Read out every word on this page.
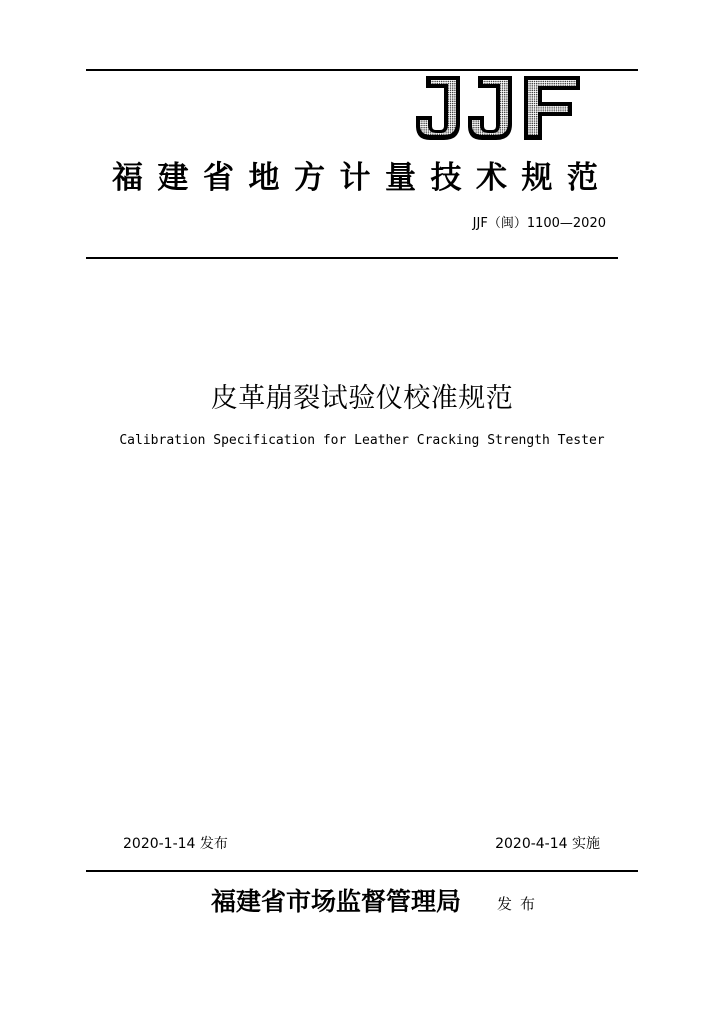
福建省地方计量技术规范
JJF（闽）1100—2020
皮革崩裂试验仪校准规范
Calibration Specification for Leather Cracking Strength Tester
2020-1-14 发布	2020-4-14 实施
福建省市场监督管理局 发布
